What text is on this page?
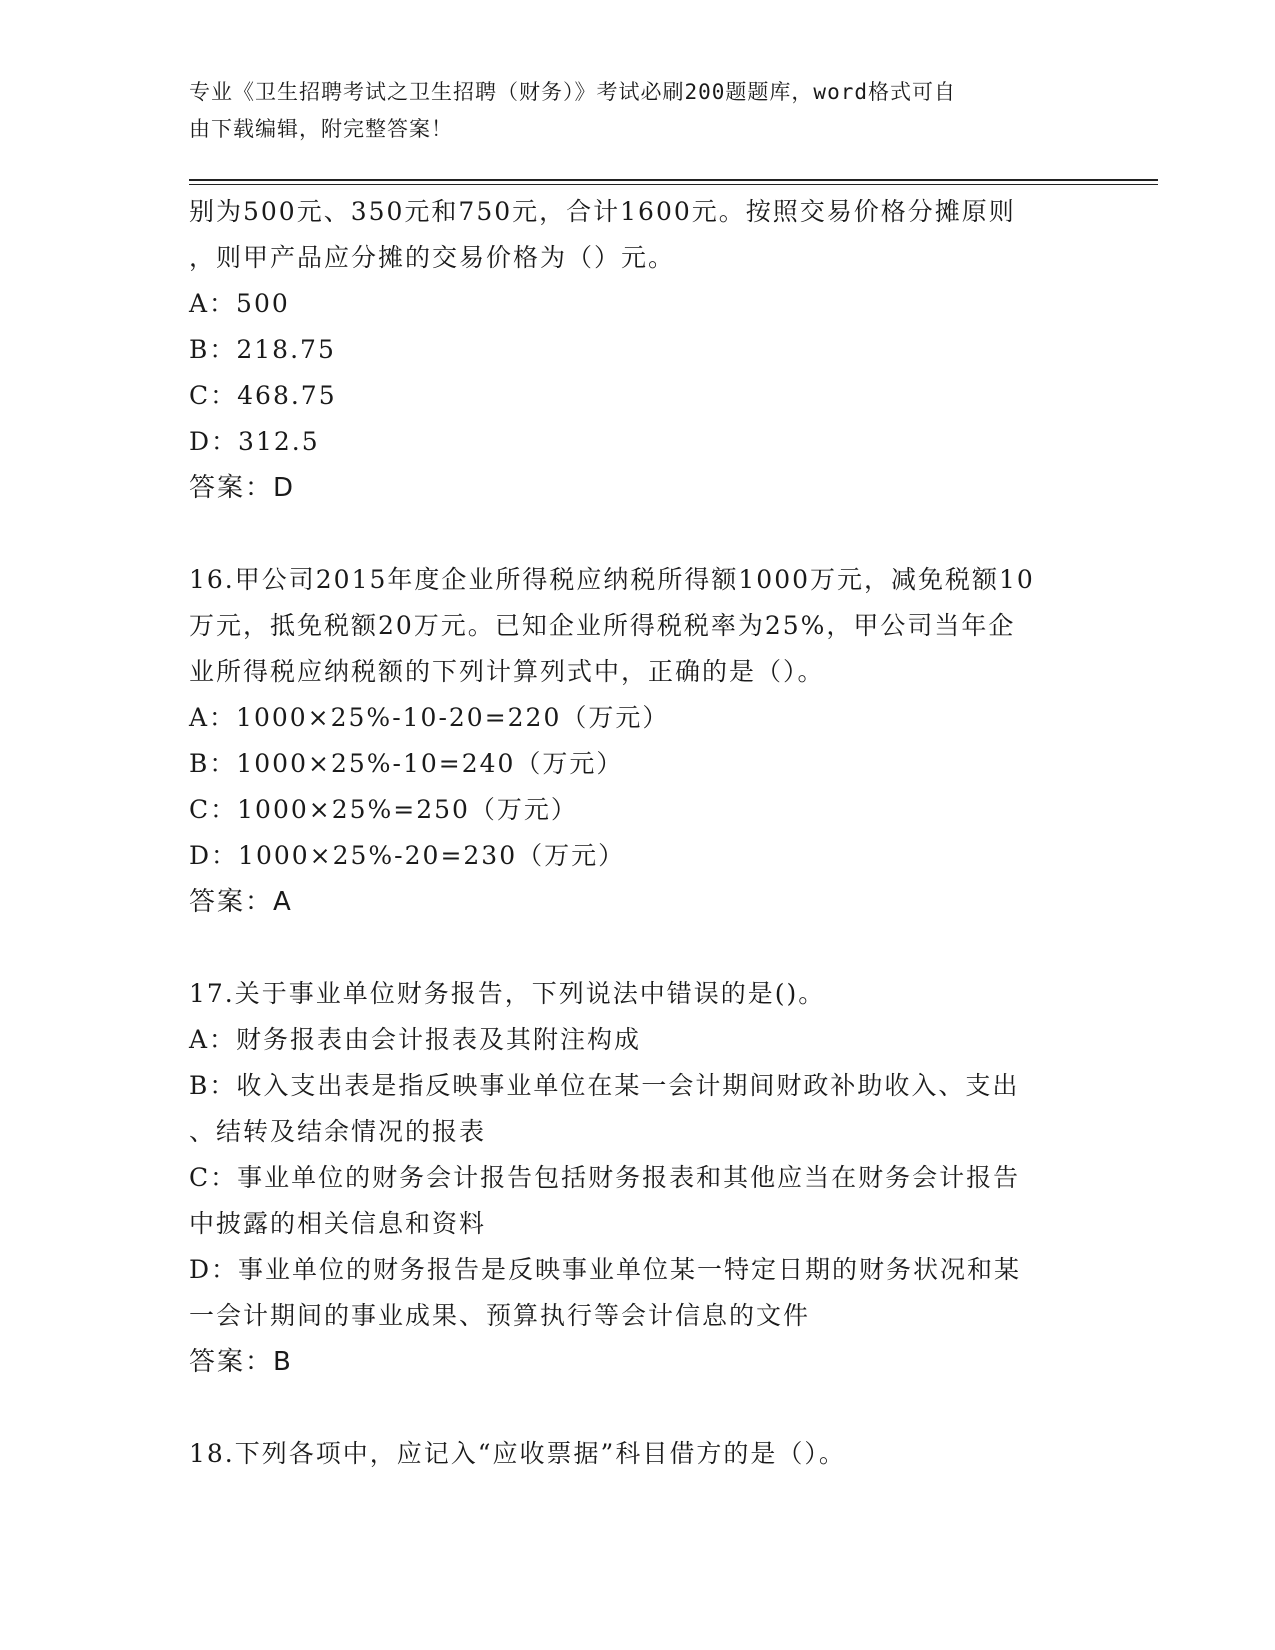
专业《卫生招聘考试之卫生招聘（财务）》考试必刷200题题库，word格式可自
由下载编辑，附完整答案！
别为500元、350元和750元，合计1600元。按照交易价格分摊原则
，则甲产品应分摊的交易价格为（）元。
A：500
B：218.75
C：468.75
D：312.5
答案：D
16.甲公司2015年度企业所得税应纳税所得额1000万元，减免税额10
万元，抵免税额20万元。已知企业所得税税率为25%，甲公司当年企
业所得税应纳税额的下列计算列式中，正确的是（）。
A：1000×25%-10-20=220（万元）
B：1000×25%-10=240（万元）
C：1000×25%=250（万元）
D：1000×25%-20=230（万元）
答案：A
17.关于事业单位财务报告，下列说法中错误的是()。
A：财务报表由会计报表及其附注构成
B：收入支出表是指反映事业单位在某一会计期间财政补助收入、支出
、结转及结余情况的报表
C：事业单位的财务会计报告包括财务报表和其他应当在财务会计报告
中披露的相关信息和资料
D：事业单位的财务报告是反映事业单位某一特定日期的财务状况和某
一会计期间的事业成果、预算执行等会计信息的文件
答案：B
18.下列各项中，应记入“应收票据”科目借方的是（）。
